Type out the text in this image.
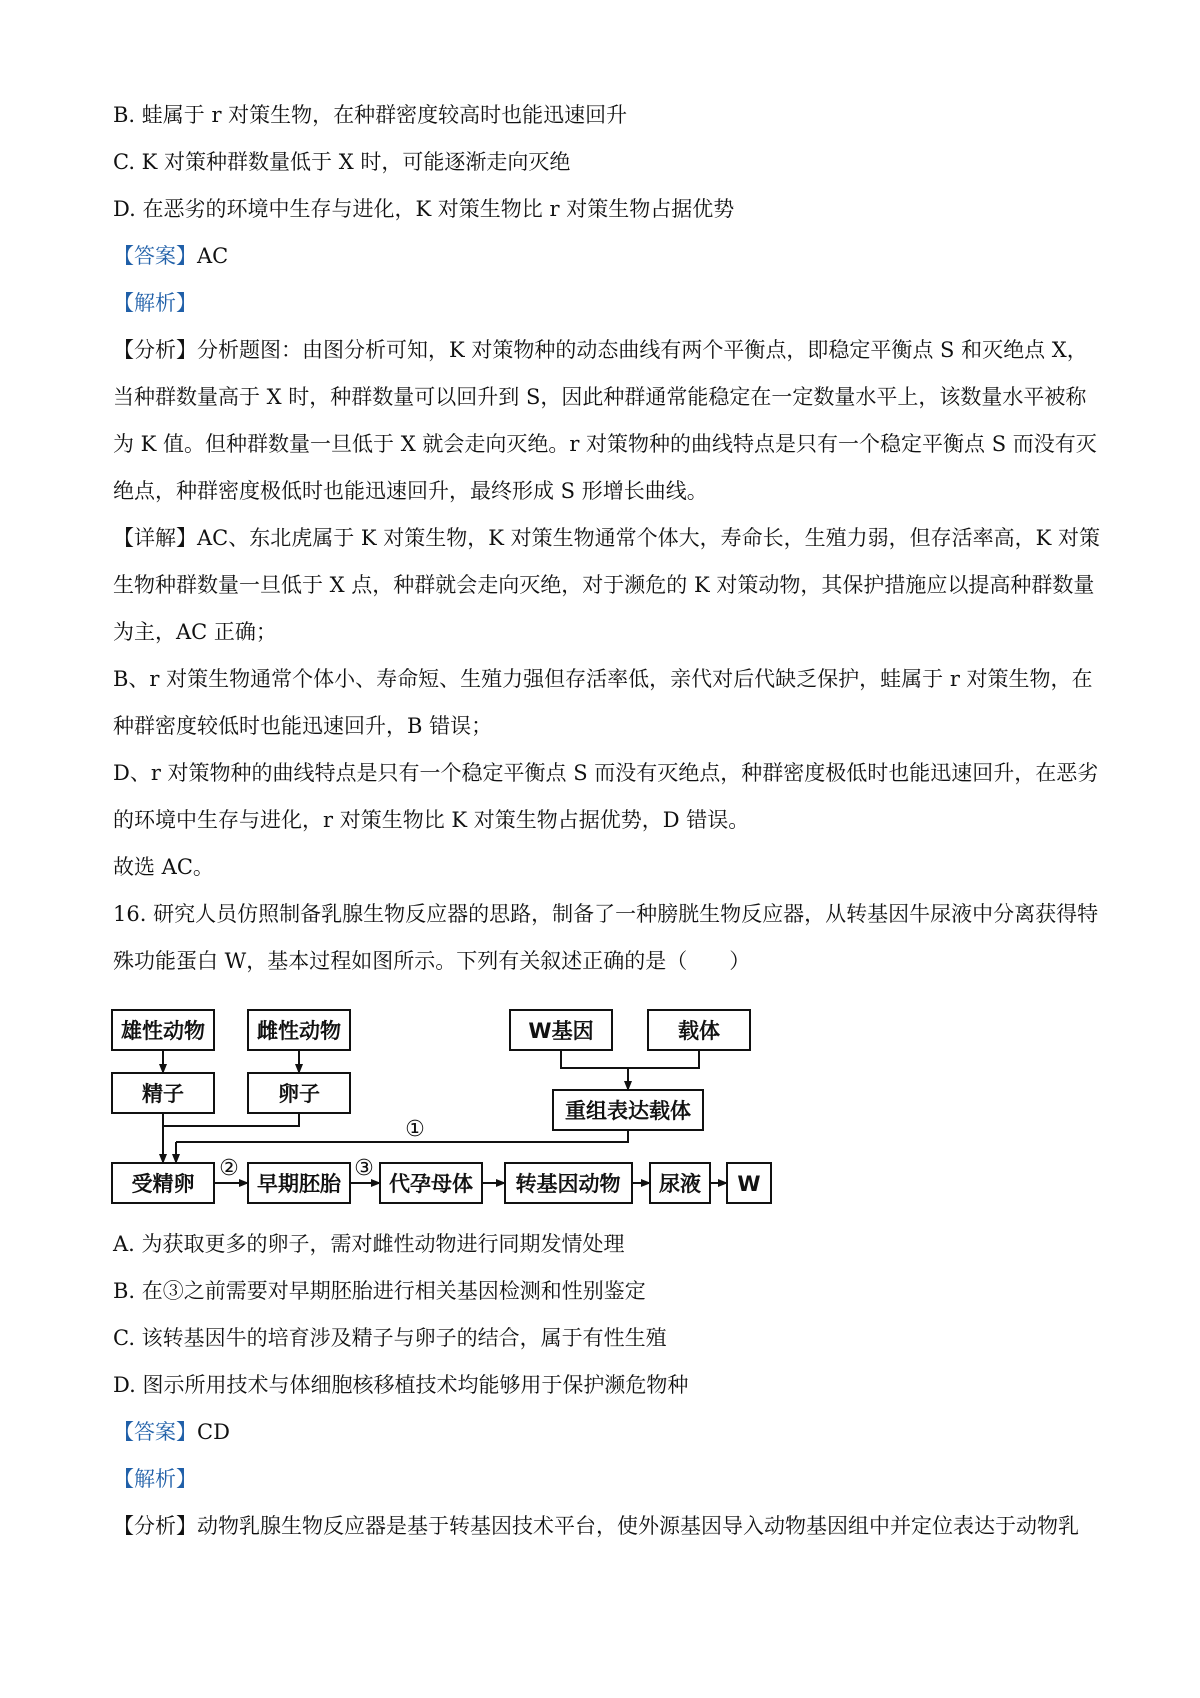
B. 蛙属于 r 对策生物，在种群密度较高时也能迅速回升
C. K 对策种群数量低于 X 时，可能逐渐走向灭绝
D. 在恶劣的环境中生存与进化，K 对策生物比 r 对策生物占据优势
【答案】AC
【解析】
【分析】分析题图：由图分析可知，K 对策物种的动态曲线有两个平衡点，即稳定平衡点 S 和灭绝点 X，
当种群数量高于 X 时，种群数量可以回升到 S，因此种群通常能稳定在一定数量水平上，该数量水平被称
为 K 值。但种群数量一旦低于 X 就会走向灭绝。r 对策物种的曲线特点是只有一个稳定平衡点 S 而没有灭
绝点，种群密度极低时也能迅速回升，最终形成 S 形增长曲线。
【详解】AC、东北虎属于 K 对策生物，K 对策生物通常个体大，寿命长，生殖力弱，但存活率高，K 对策
生物种群数量一旦低于 X 点，种群就会走向灭绝，对于濒危的 K 对策动物，其保护措施应以提高种群数量
为主，AC 正确；
B、r 对策生物通常个体小、寿命短、生殖力强但存活率低，亲代对后代缺乏保护，蛙属于 r 对策生物，在
种群密度较低时也能迅速回升，B 错误；
D、r 对策物种的曲线特点是只有一个稳定平衡点 S 而没有灭绝点，种群密度极低时也能迅速回升，在恶劣
的环境中生存与进化，r 对策生物比 K 对策生物占据优势，D 错误。
故选 AC。
16. 研究人员仿照制备乳腺生物反应器的思路，制备了一种膀胱生物反应器，从转基因牛尿液中分离获得特
殊功能蛋白 W，基本过程如图所示。下列有关叙述正确的是（　　）
雄性动物 雌性动物
精子	卵子
W基因	载体
重组表达载体
受精卵	早期胚胎 代孕母体 转基因动物 尿液 W
①
②	③
A. 为获取更多的卵子，需对雌性动物进行同期发情处理
B. 在③之前需要对早期胚胎进行相关基因检测和性别鉴定
C. 该转基因牛的培育涉及精子与卵子的结合，属于有性生殖
D. 图示所用技术与体细胞核移植技术均能够用于保护濒危物种
【答案】CD
【解析】
【分析】动物乳腺生物反应器是基于转基因技术平台，使外源基因导入动物基因组中并定位表达于动物乳
